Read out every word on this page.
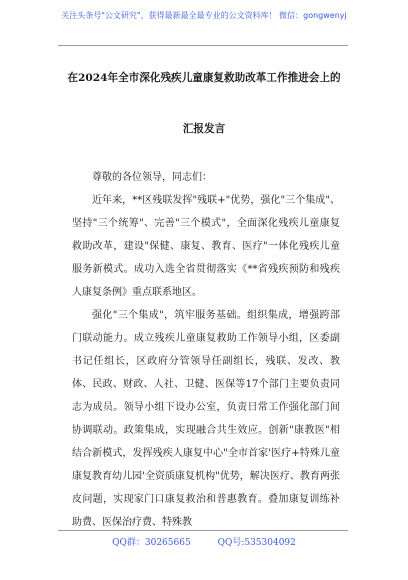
关注头条号"公文研究"，获得最新最全最专业的公文资料库！ 微信：gongwenyj
在2024年全市深化残疾儿童康复救助改革工作推进会上的
汇报发言

尊敬的各位领导，同志们：

近年来，**区残联发挥"残联+"优势，强化"三个集成"、坚持"三个统筹"、完善"三个模式"，全面深化残疾儿童康复救助改革，建设"保健、康复、教育、医疗"一体化残疾儿童服务新模式。成功入选全省贯彻落实《**省残疾预防和残疾人康复条例》重点联系地区。

强化"三个集成"，筑牢服务基础。组织集成，增强跨部门联动能力。成立残疾儿童康复救助工作领导小组，区委副书记任组长，区政府分管领导任副组长，残联、发改、教体、民政、财政、人社、卫健、医保等17个部门主要负责同志为成员。领导小组下设办公室，负责日常工作强化部门间协调联动。政策集成，实现融合共生效应。创新"康教医"相结合新模式，发挥残疾人康复中心"全市首家'医疗+特殊儿童康复教育幼儿园'全资质康复机构"优势，解决医疗、教育两张皮问题，实现家门口康复救治和普惠教育。叠加康复训练补助费、医保治疗费、特殊教

QQ群：30265665	QQ号:535304092
